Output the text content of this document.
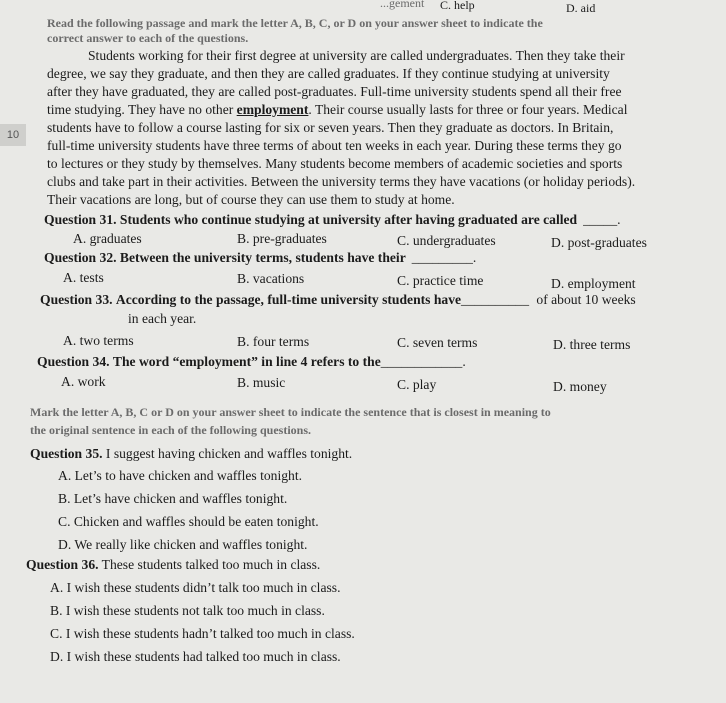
...gement C. help	D. aid
Read the following passage and mark the letter A, B, C, or D on your answer sheet to indicate the
correct answer to each of the questions.
Students working for their first degree at university are called undergraduates. Then they take their
degree, we say they graduate, and then they are called graduates. If they continue studying at university
after they have graduated, they are called post-graduates. Full-time university students spend all their free
time studying. They have no other employment. Their course usually lasts for three or four years. Medical
students have to follow a course lasting for six or seven years. Then they graduate as doctors. In Britain,
full-time university students have three terms of about ten weeks in each year. During these terms they go
to lectures or they study by themselves. Many students become members of academic societies and sports
clubs and take part in their activities. Between the university terms they have vacations (or holiday periods).
Their vacations are long, but of course they can use them to study at home.
10
Question 31. Students who continue studying at university after having graduated are called _____.
A. graduates	B. pre-graduates	C. undergraduates	D. post-graduates
Question 32. Between the university terms, students have their _________.
A. tests	B. vacations	C. practice time	D. employment
Question 33. According to the passage, full-time university students have__________ of about 10 weeks
in each year.
A. two terms	B. four terms	C. seven terms	D. three terms
Question 34. The word “employment” in line 4 refers to the____________.
A. work	B. music	C. play	D. money
Mark the letter A, B, C or D on your answer sheet to indicate the sentence that is closest in meaning to
the original sentence in each of the following questions.
Question 35. I suggest having chicken and waffles tonight.
A. Let’s to have chicken and waffles tonight.
B. Let’s have chicken and waffles tonight.
C. Chicken and waffles should be eaten tonight.
D. We really like chicken and waffles tonight.
Question 36. These students talked too much in class.
A. I wish these students didn’t talk too much in class.
B. I wish these students not talk too much in class.
C. I wish these students hadn’t talked too much in class.
D. I wish these students had talked too much in class.
